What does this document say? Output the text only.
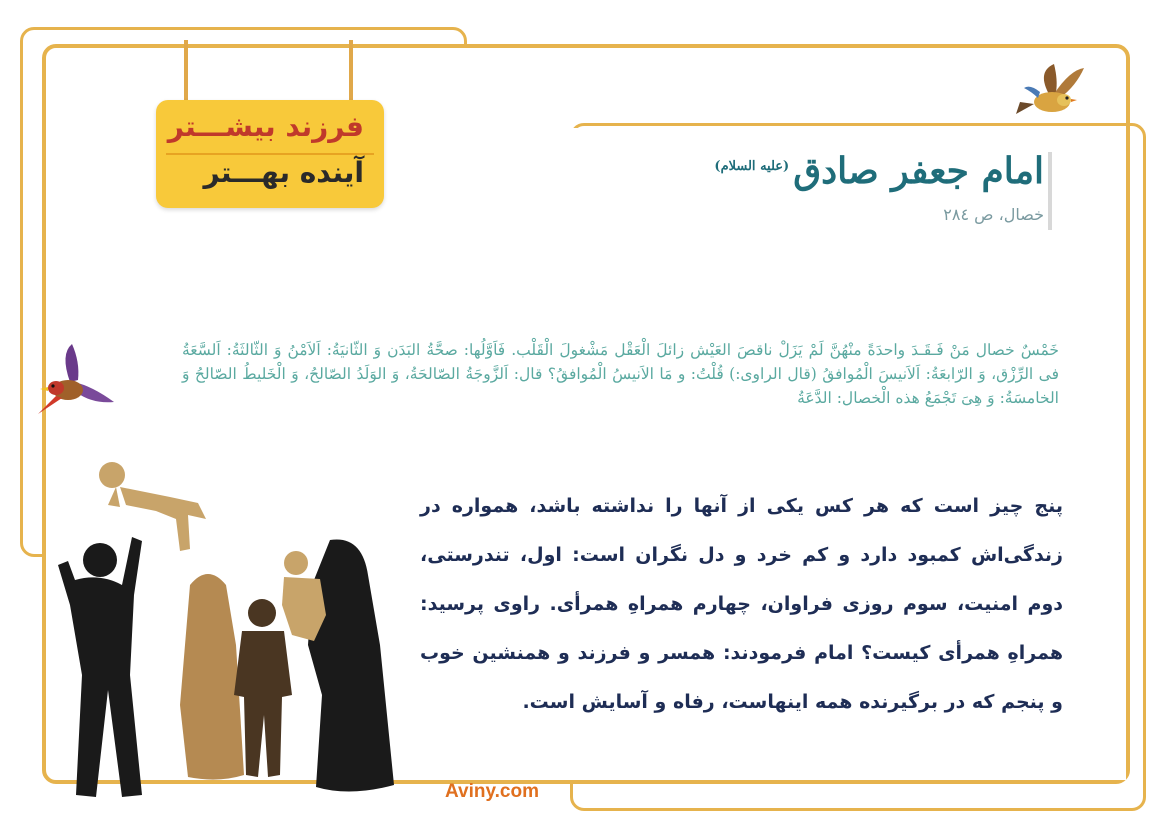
فرزند بیشـــتر
آینده بهـــتر	امام جعفر صادق$^{(علیه السلام)}$
خصال، ص ۲۸٤
خَمْسٌ خصال مَنْ فَـقَـدَ واحدَةً منْهُنَّ لَمْ يَزَلْ ناقصَ العَيْش زائلَ الْعَقْل مَشْغولَ الْقَلْب. فَاَوَّلُها: صحَّةُ البَدَن وَ الثّانيَةُ: اَلاَمْنُ وَ الثّالثَةُ: اَلسَّعَةُ فی الرِّزْق، وَ الرّابعَةُ: اَلاَنیسَ الْمُوافقُ (قال الراوی:) قُلْتُ: و مَا الاَنیسُ الْمُوافقُ؟ قال: اَلزَّوجَةُ الصّالحَةُ، وَ الوَلَدُ الصّالحُ، وَ الْخَلیطُ الصّالحُ وَ الخامسَةُ: وَ هِیَ تَجْمَعُ هذه الْخصال: الدَّعَةُ
پنج چیز است که هر کس یکی از آنها را نداشته باشد، همواره در زندگی‌اش کمبود دارد و کم خرد و دل نگران است: اول، تندرستی، دوم امنیت، سوم روزی فراوان، چهارم همراهِ همرأی. راوی پرسید: همراهِ همرأی کیست؟ امام فرمودند: همسر و فرزند و همنشین خوب و پنجم که در برگیرنده همه اینهاست، رفاه و آسایش است.
Aviny.com
